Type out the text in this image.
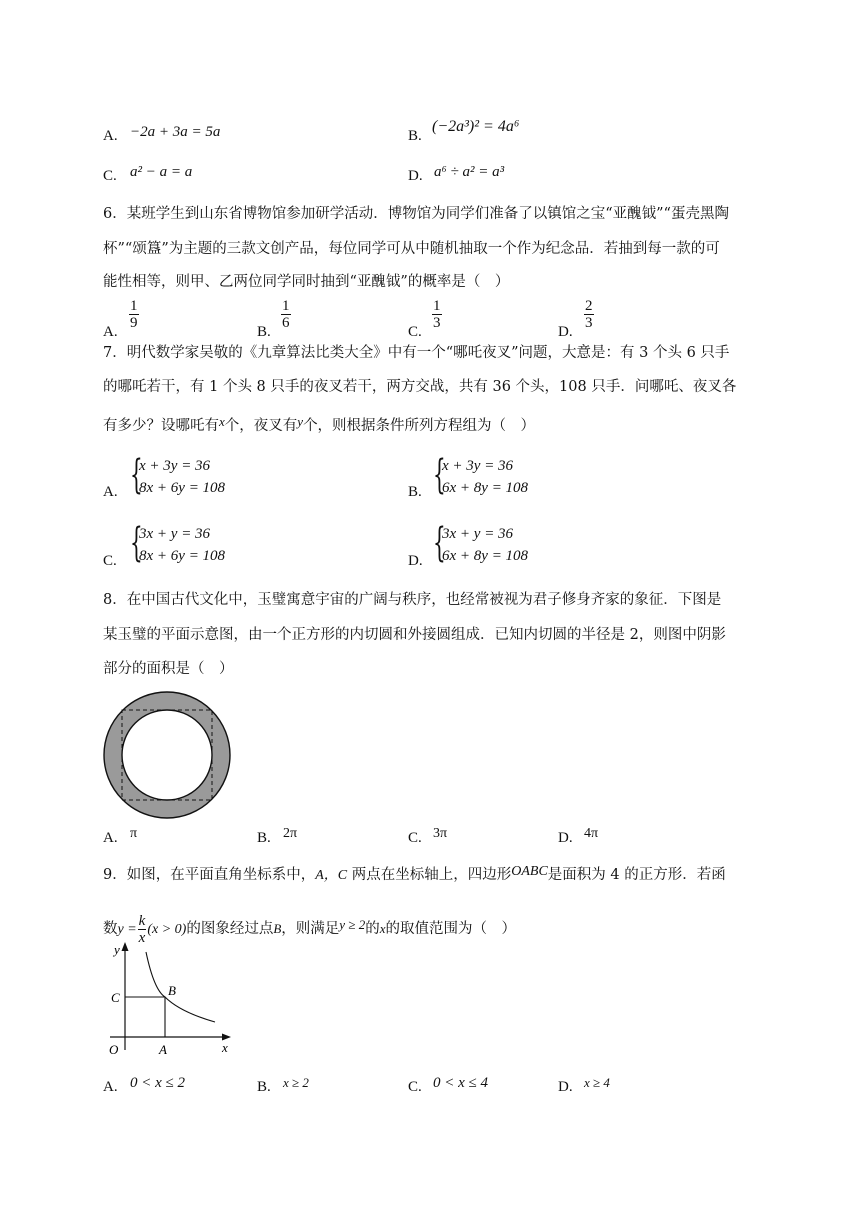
A. −2a + 3a = 5a	B.
(−2a³)² = 4a⁶
C. a² − a = a	D. a⁶ ÷ a² = a³
6．某班学生到山东省博物馆参加研学活动．博物馆为同学们准备了以镇馆之宝“亚醜钺”“蛋壳黑陶
杯”“颂簋”为主题的三款文创产品，每位同学可从中随机抽取一个作为纪念品．若抽到每一款的可
能性相等，则甲、乙两位同学同时抽到“亚醜钺”的概率是（　）
A.
$\frac{1}{9}$
B.
$\frac{1}{6}$
C.
$\frac{1}{3}$
D.
$\frac{2}{3}$
7．明代数学家吴敬的《九章算法比类大全》中有一个“哪吒夜叉”问题，大意是：有 3 个头 6 只手
的哪吒若干，有 1 个头 8 只手的夜叉若干，两方交战，共有 36 个头，108 只手．问哪吒、夜叉各
有多少？设哪吒有x个，夜叉有y个，则根据条件所列方程组为（　）
A. {
x + 3y = 36
8x + 6y = 108	B. {
x + 3y = 36
6x + 8y = 108
C. {
3x + y = 36
8x + 6y = 108	D. {
3x + y = 36
6x + 8y = 108
8．在中国古代文化中，玉璧寓意宇宙的广阔与秩序，也经常被视为君子修身齐家的象征．下图是
某玉璧的平面示意图，由一个正方形的内切圆和外接圆组成．已知内切圆的半径是 2，则图中阴影
部分的面积是（　）
A. π	B. 2π	C. 3π	D. 4π
9．如图，在平面直角坐标系中，A，C 两点在坐标轴上，四边形OABC是面积为 4 的正方形．若函
数$y = \frac{k}{x} (x > 0)$的图象经过点B，则满足y ≥ 2的x的取值范围为（　）
y
x
O	A
C	B
A. 0 < x ≤ 2	B. x ≥ 2	C. 0 < x ≤ 4	D. x ≥ 4
